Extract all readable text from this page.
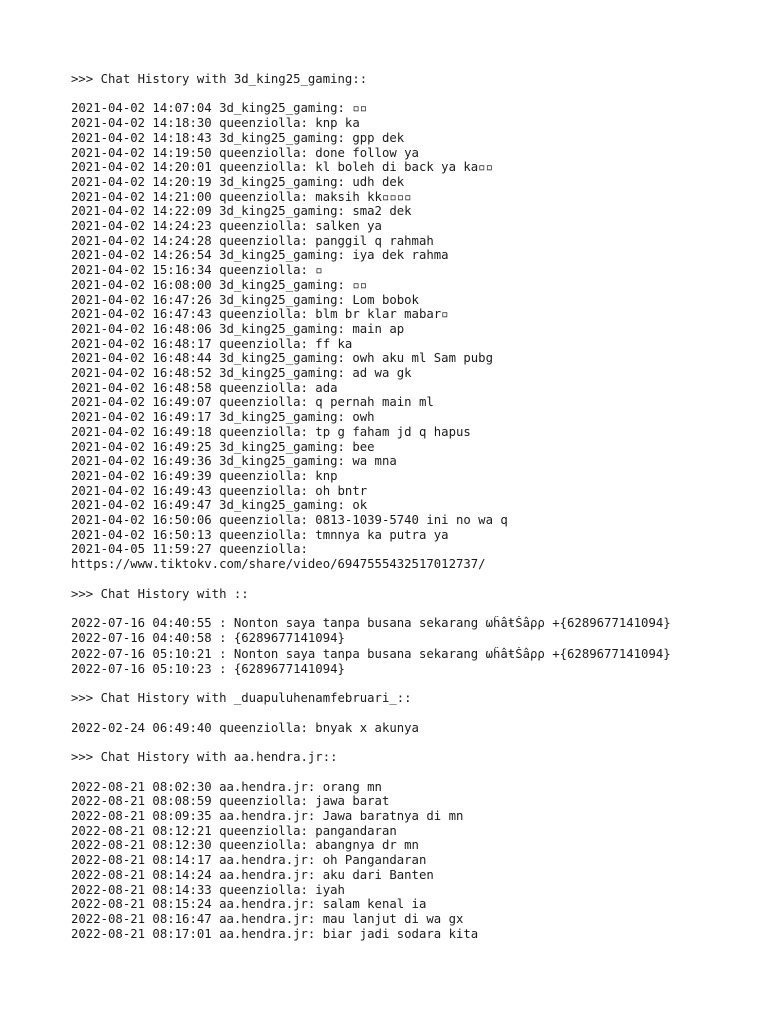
>>> Chat History with 3d_king25_gaming::
2021-04-02 14:07:04 3d_king25_gaming: ▫▫
2021-04-02 14:18:30 queenziolla: knp ka
2021-04-02 14:18:43 3d_king25_gaming: gpp dek
2021-04-02 14:19:50 queenziolla: done follow ya
2021-04-02 14:20:01 queenziolla: kl boleh di back ya ka▫▫
2021-04-02 14:20:19 3d_king25_gaming: udh dek
2021-04-02 14:21:00 queenziolla: maksih kk▫▫▫▫
2021-04-02 14:22:09 3d_king25_gaming: sma2 dek
2021-04-02 14:24:23 queenziolla: salken ya
2021-04-02 14:24:28 queenziolla: panggil q rahmah
2021-04-02 14:26:54 3d_king25_gaming: iya dek rahma
2021-04-02 15:16:34 queenziolla: ▫
2021-04-02 16:08:00 3d_king25_gaming: ▫▫
2021-04-02 16:47:26 3d_king25_gaming: Lom bobok
2021-04-02 16:47:43 queenziolla: blm br klar mabar▫
2021-04-02 16:48:06 3d_king25_gaming: main ap
2021-04-02 16:48:17 queenziolla: ff ka
2021-04-02 16:48:44 3d_king25_gaming: owh aku ml Sam pubg
2021-04-02 16:48:52 3d_king25_gaming: ad wa gk
2021-04-02 16:48:58 queenziolla: ada
2021-04-02 16:49:07 queenziolla: q pernah main ml
2021-04-02 16:49:17 3d_king25_gaming: owh
2021-04-02 16:49:18 queenziolla: tp g faham jd q hapus
2021-04-02 16:49:25 3d_king25_gaming: bee
2021-04-02 16:49:36 3d_king25_gaming: wa mna
2021-04-02 16:49:39 queenziolla: knp
2021-04-02 16:49:43 queenziolla: oh bntr
2021-04-02 16:49:47 3d_king25_gaming: ok
2021-04-02 16:50:06 queenziolla: 0813-1039-5740 ini no wa q
2021-04-02 16:50:13 queenziolla: tmnnya ka putra ya
2021-04-05 11:59:27 queenziolla:
https://www.tiktokv.com/share/video/6947555432517012737/
>>> Chat History with ::
2022-07-16 04:40:55 : Nonton saya tanpa busana sekarang ωĥâŧŠâρρ +{6289677141094}
2022-07-16 04:40:58 : {6289677141094}
2022-07-16 05:10:21 : Nonton saya tanpa busana sekarang ωĥâŧŠâρρ +{6289677141094}
2022-07-16 05:10:23 : {6289677141094}
>>> Chat History with _duapuluhenamfebruari_::
2022-02-24 06:49:40 queenziolla: bnyak x akunya
>>> Chat History with aa.hendra.jr::
2022-08-21 08:02:30 aa.hendra.jr: orang mn
2022-08-21 08:08:59 queenziolla: jawa barat
2022-08-21 08:09:35 aa.hendra.jr: Jawa baratnya di mn
2022-08-21 08:12:21 queenziolla: pangandaran
2022-08-21 08:12:30 queenziolla: abangnya dr mn
2022-08-21 08:14:17 aa.hendra.jr: oh Pangandaran
2022-08-21 08:14:24 aa.hendra.jr: aku dari Banten
2022-08-21 08:14:33 queenziolla: iyah
2022-08-21 08:15:24 aa.hendra.jr: salam kenal ia
2022-08-21 08:16:47 aa.hendra.jr: mau lanjut di wa gx
2022-08-21 08:17:01 aa.hendra.jr: biar jadi sodara kita
